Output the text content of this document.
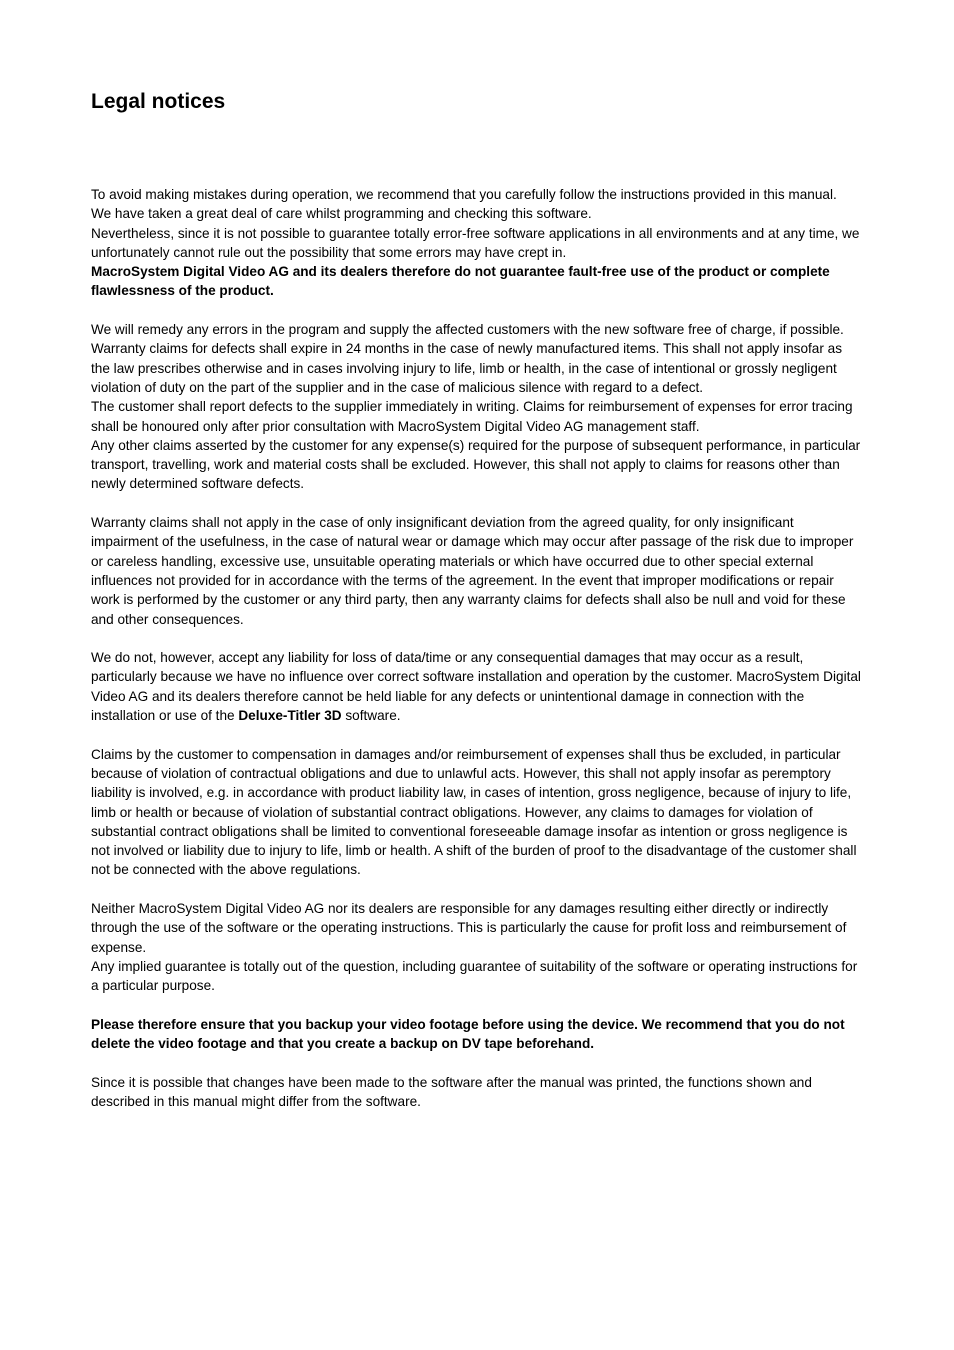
Legal notices

To avoid making mistakes during operation, we recommend that you carefully follow the instructions provided in this manual.

We have taken a great deal of care whilst programming and checking this software.

Nevertheless, since it is not possible to guarantee totally error-free software applications in all environments and at any time, we unfortunately cannot rule out the possibility that some errors may have crept in.

MacroSystem Digital Video AG and its dealers therefore do not guarantee fault-free use of the product or complete flawlessness of the product.

We will remedy any errors in the program and supply the affected customers with the new software free of charge, if possible.

Warranty claims for defects shall expire in 24 months in the case of newly manufactured items. This shall not apply insofar as the law prescribes otherwise and in cases involving injury to life, limb or health, in the case of intentional or grossly negligent violation of duty on the part of the supplier and in the case of malicious silence with regard to a defect.

The customer shall report defects to the supplier immediately in writing. Claims for reimbursement of expenses for error tracing shall be honoured only after prior consultation with MacroSystem Digital Video AG management staff.

Any other claims asserted by the customer for any expense(s) required for the purpose of subsequent performance, in particular transport, travelling, work and material costs shall be excluded. However, this shall not apply to claims for reasons other than newly determined software defects.

Warranty claims shall not apply in the case of only insignificant deviation from the agreed quality, for only insignificant impairment of the usefulness, in the case of natural wear or damage which may occur after passage of the risk due to improper or careless handling, excessive use, unsuitable operating materials or which have occurred due to other special external influences not provided for in accordance with the terms of the agreement. In the event that improper modifications or repair work is performed by the customer or any third party, then any warranty claims for defects shall also be null and void for these and other consequences.

We do not, however, accept any liability for loss of data/time or any consequential damages that may occur as a result, particularly because we have no influence over correct software installation and operation by the customer. MacroSystem Digital Video AG and its dealers therefore cannot be held liable for any defects or unintentional damage in connection with the installation or use of the Deluxe-Titler 3D software.

Claims by the customer to compensation in damages and/or reimbursement of expenses shall thus be excluded, in particular because of violation of contractual obligations and due to unlawful acts. However, this shall not apply insofar as peremptory liability is involved, e.g. in accordance with product liability law, in cases of intention, gross negligence, because of injury to life, limb or health or because of violation of substantial contract obligations. However, any claims to damages for violation of substantial contract obligations shall be limited to conventional foreseeable damage insofar as intention or gross negligence is not involved or liability due to injury to life, limb or health. A shift of the burden of proof to the disadvantage of the customer shall not be connected with the above regulations.

Neither MacroSystem Digital Video AG nor its dealers are responsible for any damages resulting either directly or indirectly through the use of the software or the operating instructions. This is particularly the cause for profit loss and reimbursement of expense.

Any implied guarantee is totally out of the question, including guarantee of suitability of the software or operating instructions for a particular purpose.

Please therefore ensure that you backup your video footage before using the device. We recommend that you do not delete the video footage and that you create a backup on DV tape beforehand.

Since it is possible that changes have been made to the software after the manual was printed, the functions shown and described in this manual might differ from the software.
